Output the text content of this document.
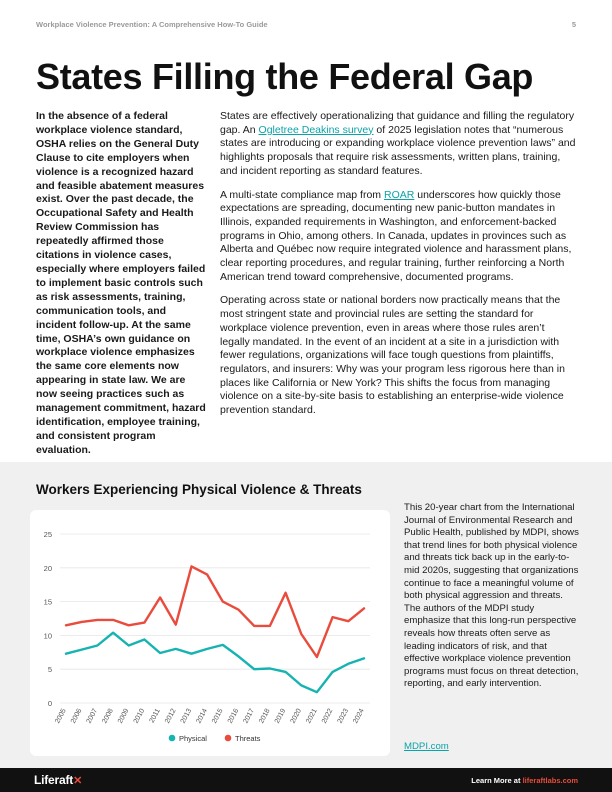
Workplace Violence Prevention: A Comprehensive How-To Guide	5
States Filling the Federal Gap
In the absence of a federal workplace violence standard, OSHA relies on the General Duty Clause to cite employers when violence is a recognized hazard and feasible abatement measures exist. Over the past decade, the Occupational Safety and Health Review Commission has repeatedly affirmed those citations in violence cases, especially where employers failed to implement basic controls such as risk assessments, training, communication tools, and incident follow-up. At the same time, OSHA’s own guidance on workplace violence emphasizes the same core elements now appearing in state law. We are now seeing practices such as management commitment, hazard identification, employee training, and consistent program evaluation.

States are effectively operationalizing that guidance and filling the regulatory gap. An Ogletree Deakins survey of 2025 legislation notes that “numerous states are introducing or expanding workplace violence prevention laws” and highlights proposals that require risk assessments, written plans, training, and incident reporting as standard features.

A multi-state compliance map from ROAR underscores how quickly those expectations are spreading, documenting new panic-button mandates in Illinois, expanded requirements in Washington, and enforcement-backed programs in Ohio, among others. In Canada, updates in provinces such as Alberta and Québec now require integrated violence and harassment plans, clear reporting procedures, and regular training, further reinforcing a North American trend toward comprehensive, documented programs.

Operating across state or national borders now practically means that the most stringent state and provincial rules are setting the standard for workplace violence prevention, even in areas where those rules aren’t legally mandated. In the event of an incident at a site in a jurisdiction with fewer regulations, organizations will face tough questions from plaintiffs, regulators, and insurers: Why was your program less rigorous here than in places like California or New York? This shifts the focus from managing violence on a site-by-site basis to establishing an enterprise-wide violence prevention standard.

Workers Experiencing Physical Violence & Threats
0
5
10
15
20
25
2005 2006 2007 2008 2009 2010 2011 2012 2013 2014 2015 2016 2017 2018 2019 2020 2021 2022 2023 2024
Physical	Threats
This 20-year chart from the International Journal of Environmental Research and Public Health, published by MDPI, shows that trend lines for both physical violence and threats tick back up in the early-to-mid 2020s, suggesting that organizations continue to face a meaningful volume of both physical aggression and threats. The authors of the MDPI study emphasize that this long-run perspective reveals how threats often serve as leading indicators of risk, and that effective workplace violence prevention programs must focus on threat detection, reporting, and early intervention.
MDPI.com
Liferaft✕	Learn More at liferaftlabs.com
